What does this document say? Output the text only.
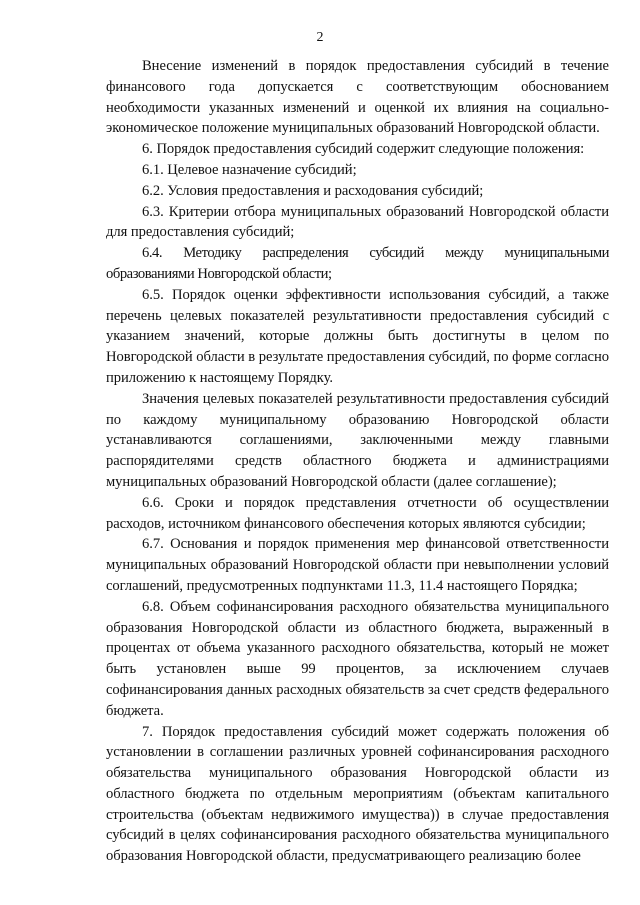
2

Внесение изменений в порядок предоставления субсидий в течение финансового года допускается с соответствующим обоснованием необходимости указанных изменений и оценкой их влияния на социально-экономическое положение муниципальных образований Новгородской области.

6. Порядок предоставления субсидий содержит следующие положения:

6.1. Целевое назначение субсидий;

6.2. Условия предоставления и расходования субсидий;

6.3. Критерии отбора муниципальных образований Новгородской области для предоставления субсидий;

6.4. Методику распределения субсидий между муниципальными образованиями Новгородской области;

6.5. Порядок оценки эффективности использования субсидий, а также перечень целевых показателей результативности предоставления субсидий с указанием значений, которые должны быть достигнуты в целом по Новгородской области в результате предоставления субсидий, по форме согласно приложению к настоящему Порядку.

Значения целевых показателей результативности предоставления субсидий по каждому муниципальному образованию Новгородской области устанавливаются соглашениями, заключенными между главными распорядителями средств областного бюджета и администрациями муниципальных образований Новгородской области (далее соглашение);

6.6. Сроки и порядок представления отчетности об осуществлении расходов, источником финансового обеспечения которых являются субсидии;

6.7. Основания и порядок применения мер финансовой ответственности муниципальных образований Новгородской области при невыполнении условий соглашений, предусмотренных подпунктами 11.3, 11.4 настоящего Порядка;

6.8. Объем софинансирования расходного обязательства муниципального образования Новгородской области из областного бюджета, выраженный в процентах от объема указанного расходного обязательства, который не может быть установлен выше 99 процентов, за исключением случаев софинансирования данных расходных обязательств за счет средств федерального бюджета.

7. Порядок предоставления субсидий может содержать положения об установлении в соглашении различных уровней софинансирования расходного обязательства муниципального образования Новгородской области из областного бюджета по отдельным мероприятиям (объектам капитального строительства (объектам недвижимого имущества)) в случае предоставления субсидий в целях софинансирования расходного обязательства муниципального образования Новгородской области, предусматривающего реализацию более
